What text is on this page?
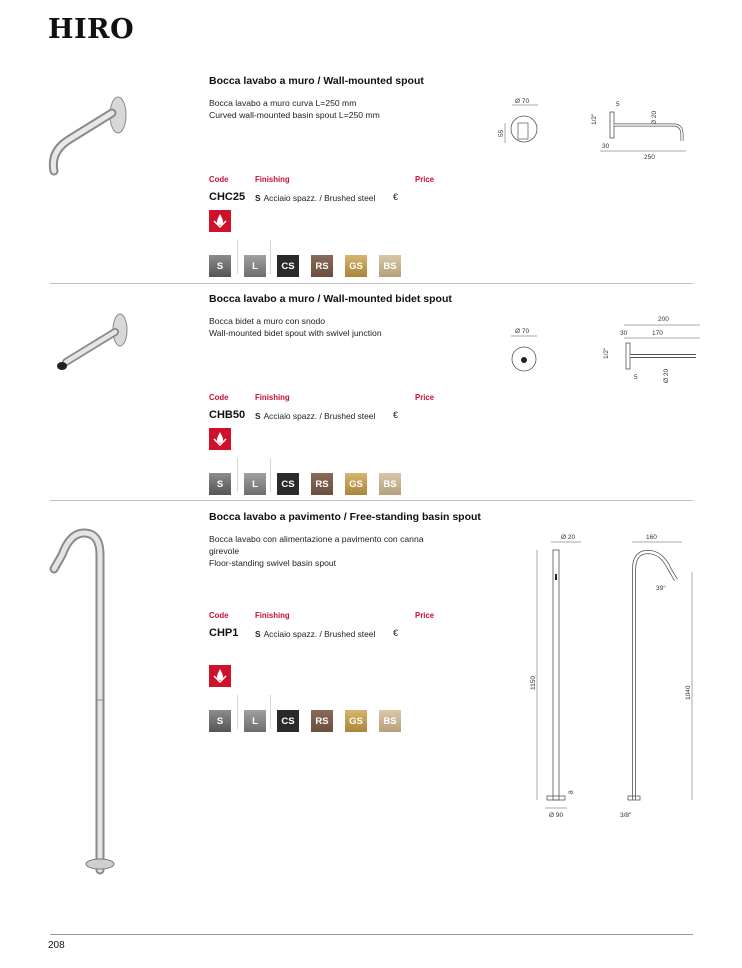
HIRO
Bocca lavabo a muro / Wall-mounted spout
Bocca lavabo a muro curva L=250 mm
Curved wall-mounted basin spout L=250 mm
Ø 70
55
1/2"
5
Ø 20
30
250
Code	Finishing	Price
CHC25 S Acciaio spazz. / Brushed steel €
S	L	CS	RS	GS	BS
Bocca lavabo a muro / Wall-mounted bidet spout
Bocca bidet a muro con snodo
Wall-mounted bidet spout with swivel junction	Ø 70
200
30	170
1/2"
5	Ø 20
Code	Finishing	Price
CHB50 S Acciaio spazz. / Brushed steel €
S	L	CS	RS	GS	BS
Bocca lavabo a pavimento / Free-standing basin spout
Bocca lavabo con alimentazione a pavimento con canna girevole
Floor-standing swivel basin spout
Ø 20
1150
8
Ø 90
160
39°
1040
3/8"
Code	Finishing	Price
CHP1 S Acciaio spazz. / Brushed steel €
S	L	CS	RS	GS	BS
208
